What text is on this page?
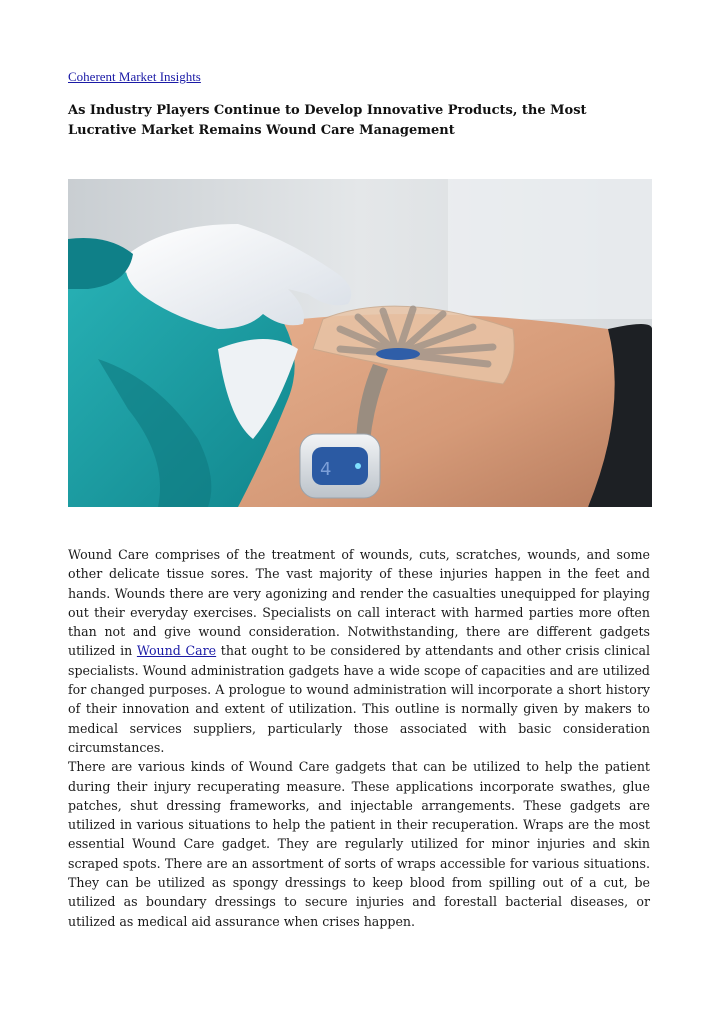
Coherent Market Insights
As Industry Players Continue to Develop Innovative Products, the Most Lucrative Market Remains Wound Care Management
4

Wound Care comprises of the treatment of wounds, cuts, scratches, wounds, and some other delicate tissue sores. The vast majority of these injuries happen in the feet and hands. Wounds there are very agonizing and render the casualties unequipped for playing out their everyday exercises. Specialists on call interact with harmed parties more often than not and give wound consideration. Notwithstanding, there are different gadgets utilized in Wound Care that ought to be considered by attendants and other crisis clinical specialists. Wound administration gadgets have a wide scope of capacities and are utilized for changed purposes. A prologue to wound administration will incorporate a short history of their innovation and extent of utilization. This outline is normally given by makers to medical services suppliers, particularly those associated with basic consideration circumstances.

There are various kinds of Wound Care gadgets that can be utilized to help the patient during their injury recuperating measure. These applications incorporate swathes, glue patches, shut dressing frameworks, and injectable arrangements. These gadgets are utilized in various situations to help the patient in their recuperation. Wraps are the most essential Wound Care gadget. They are regularly utilized for minor injuries and skin scraped spots. There are an assortment of sorts of wraps accessible for various situations. They can be utilized as spongy dressings to keep blood from spilling out of a cut, be utilized as boundary dressings to secure injuries and forestall bacterial diseases, or utilized as medical aid assurance when crises happen.
